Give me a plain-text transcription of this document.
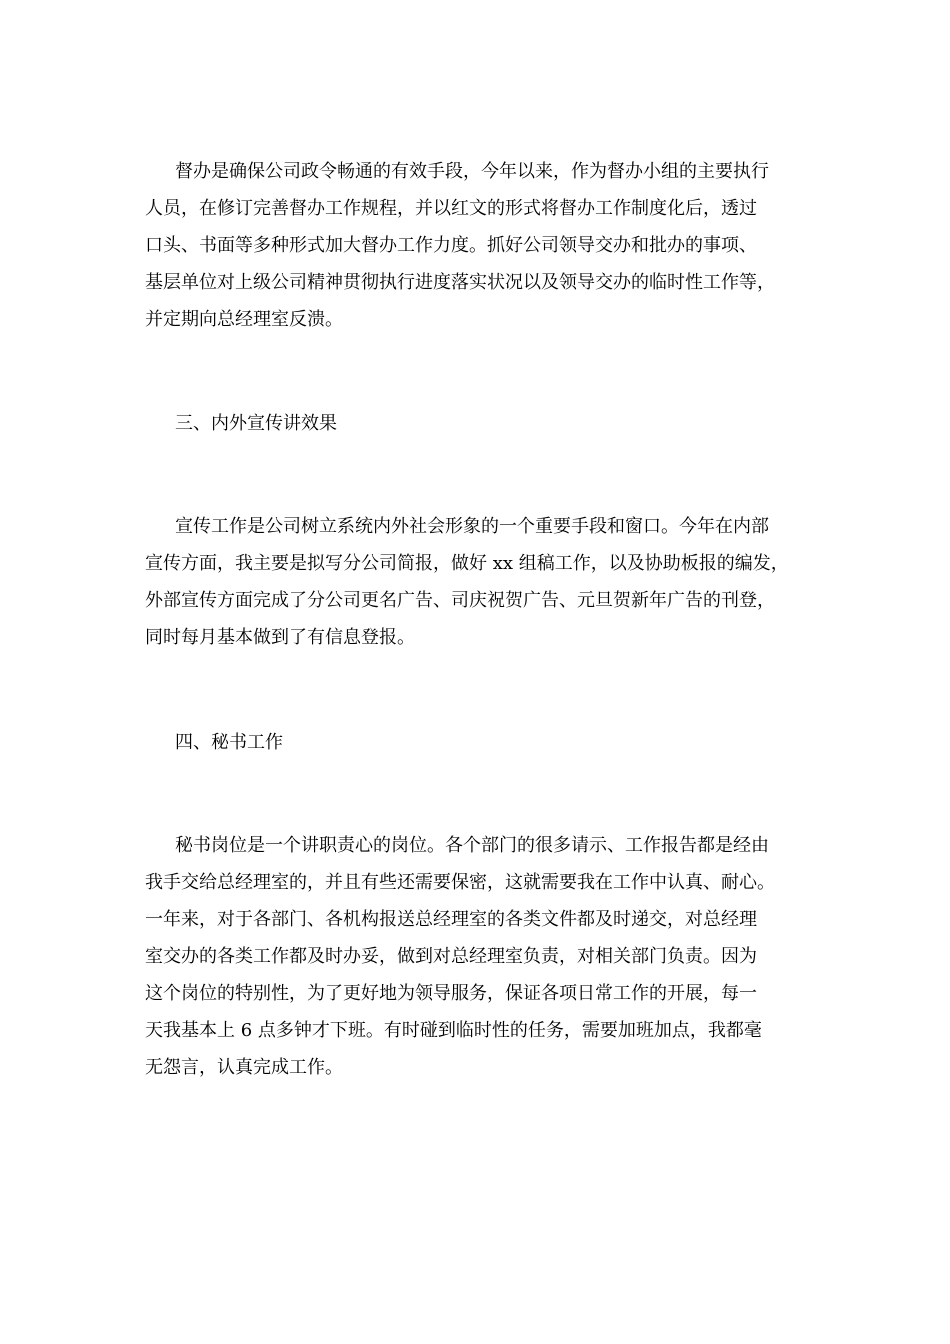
督办是确保公司政令畅通的有效手段，今年以来，作为督办小组的主要执行
人员，在修订完善督办工作规程，并以红文的形式将督办工作制度化后，透过
口头、书面等多种形式加大督办工作力度。抓好公司领导交办和批办的事项、
基层单位对上级公司精神贯彻执行进度落实状况以及领导交办的临时性工作等，
并定期向总经理室反溃。
三、内外宣传讲效果
宣传工作是公司树立系统内外社会形象的一个重要手段和窗口。今年在内部
宣传方面，我主要是拟写分公司简报，做好 xx 组稿工作，以及协助板报的编发，
外部宣传方面完成了分公司更名广告、司庆祝贺广告、元旦贺新年广告的刊登，
同时每月基本做到了有信息登报。
四、秘书工作
秘书岗位是一个讲职责心的岗位。各个部门的很多请示、工作报告都是经由
我手交给总经理室的，并且有些还需要保密，这就需要我在工作中认真、耐心。
一年来，对于各部门、各机构报送总经理室的各类文件都及时递交，对总经理
室交办的各类工作都及时办妥，做到对总经理室负责，对相关部门负责。因为
这个岗位的特别性，为了更好地为领导服务，保证各项日常工作的开展，每一
天我基本上 6 点多钟才下班。有时碰到临时性的任务，需要加班加点，我都毫
无怨言，认真完成工作。
